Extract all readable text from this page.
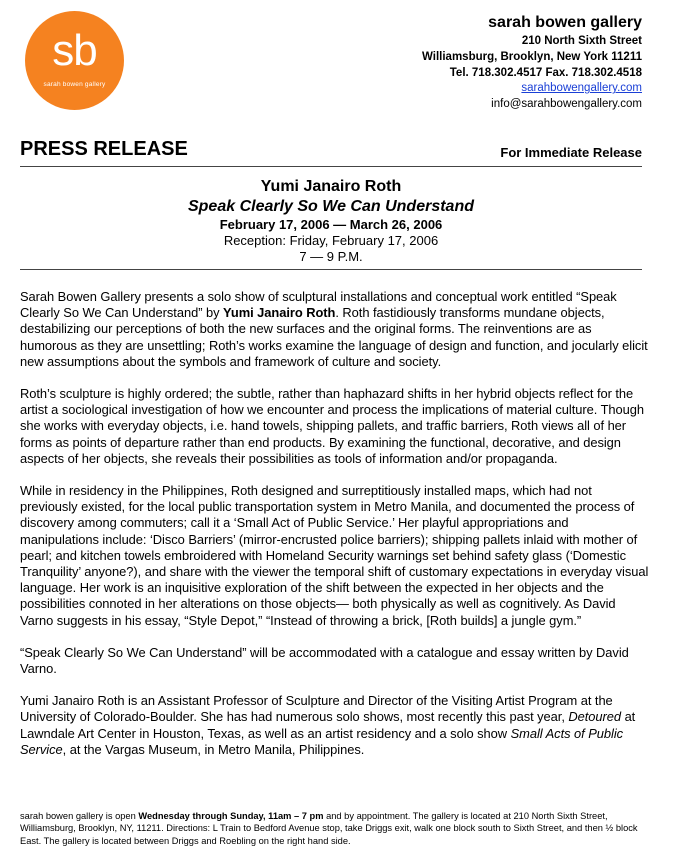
sb
sarah bowen gallery
sarah bowen gallery
210 North Sixth Street
Williamsburg, Brooklyn, New York 11211
Tel. 718.302.4517 Fax. 718.302.4518
sarahbowengallery.com
info@sarahbowengallery.com
PRESS RELEASE	For Immediate Release
Yumi Janairo Roth
Speak Clearly So We Can Understand
February 17, 2006 — March 26, 2006
Reception: Friday, February 17, 2006
7 — 9 P.M.

Sarah Bowen Gallery presents a solo show of sculptural installations and conceptual work entitled “Speak Clearly So We Can Understand” by Yumi Janairo Roth. Roth fastidiously transforms mundane objects, destabilizing our perceptions of both the new surfaces and the original forms. The reinventions are as humorous as they are unsettling; Roth’s works examine the language of design and function, and jocularly elicit new assumptions about the symbols and framework of culture and society.

Roth’s sculpture is highly ordered; the subtle, rather than haphazard shifts in her hybrid objects reflect for the artist a sociological investigation of how we encounter and process the implications of material culture. Though she works with everyday objects, i.e. hand towels, shipping pallets, and traffic barriers, Roth views all of her forms as points of departure rather than end products. By examining the functional, decorative, and design aspects of her objects, she reveals their possibilities as tools of information and/or propaganda.

While in residency in the Philippines, Roth designed and surreptitiously installed maps, which had not previously existed, for the local public transportation system in Metro Manila, and documented the process of discovery among commuters; call it a ‘Small Act of Public Service.’ Her playful appropriations and manipulations include: ‘Disco Barriers’ (mirror-encrusted police barriers); shipping pallets inlaid with mother of pearl; and kitchen towels embroidered with Homeland Security warnings set behind safety glass (‘Domestic Tranquility’ anyone?), and share with the viewer the temporal shift of customary expectations in everyday visual language. Her work is an inquisitive exploration of the shift between the expected in her objects and the possibilities connoted in her alterations on those objects— both physically as well as cognitively. As David Varno suggests in his essay, “Style Depot,” “Instead of throwing a brick, [Roth builds] a jungle gym.”

“Speak Clearly So We Can Understand” will be accommodated with a catalogue and essay written by David Varno.

Yumi Janairo Roth is an Assistant Professor of Sculpture and Director of the Visiting Artist Program at the University of Colorado-Boulder. She has had numerous solo shows, most recently this past year, Detoured at Lawndale Art Center in Houston, Texas, as well as an artist residency and a solo show Small Acts of Public Service, at the Vargas Museum, in Metro Manila, Philippines.

sarah bowen gallery is open Wednesday through Sunday, 11am – 7 pm and by appointment. The gallery is located at 210 North Sixth Street, Williamsburg, Brooklyn, NY, 11211. Directions: L Train to Bedford Avenue stop, take Driggs exit, walk one block south to Sixth Street, and then ½ block East. The gallery is located between Driggs and Roebling on the right hand side.
